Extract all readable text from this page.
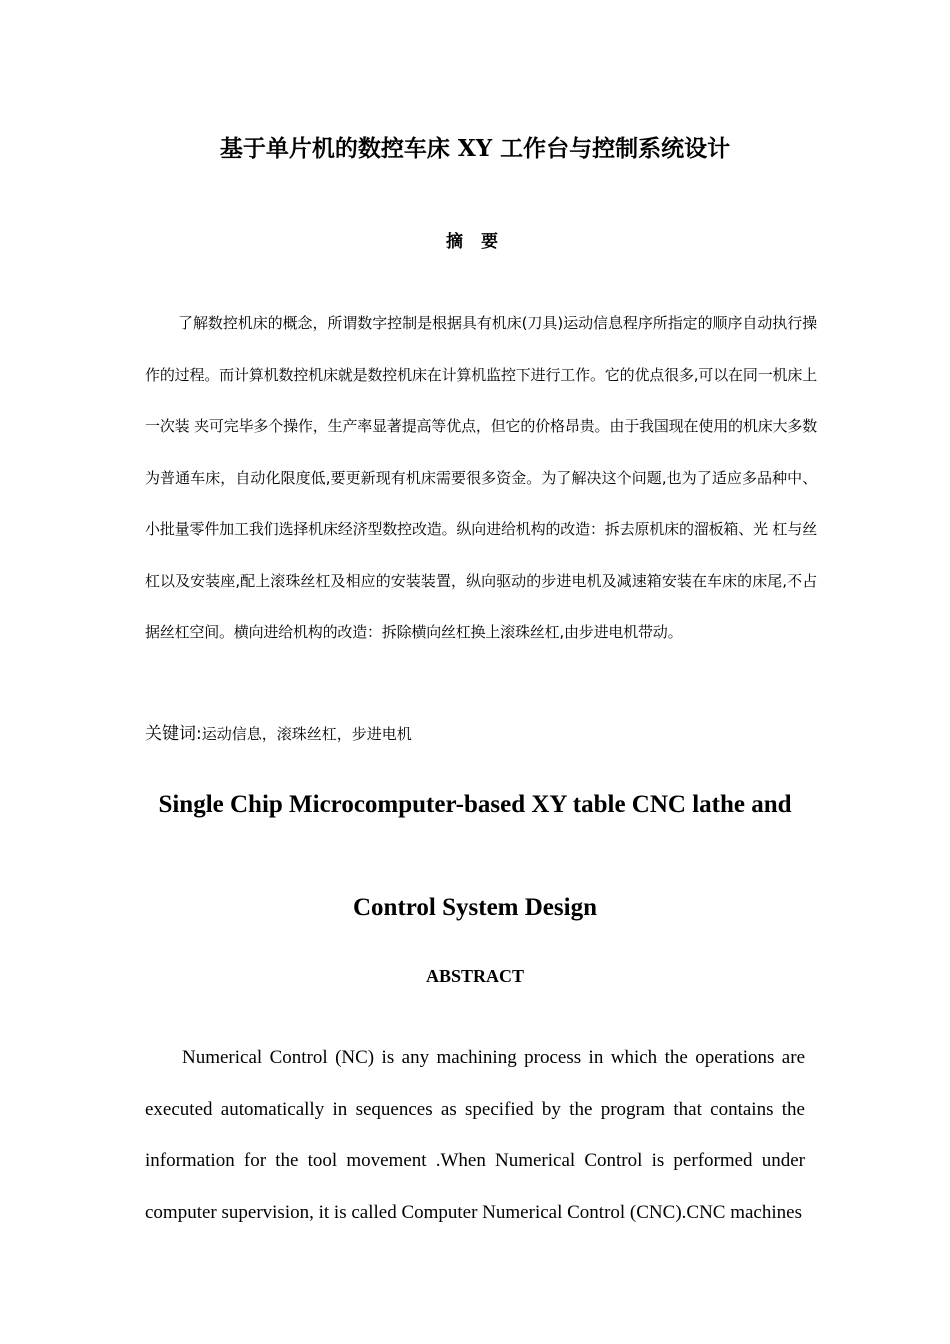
基于单片机的数控车床 XY 工作台与控制系统设计
摘 要

了解数控机床的概念，所谓数字控制是根据具有机床(刀具)运动信息程序所指定的顺序自动执行操作的过程。而计算机数控机床就是数控机床在计算机监控下进行工作。它的优点很多,可以在同一机床上一次装 夹可完毕多个操作，生产率显著提高等优点，但它的价格昂贵。由于我国现在使用的机床大多数为普通车床，自动化限度低,要更新现有机床需要很多资金。为了解决这个问题,也为了适应多品种中、小批量零件加工我们选择机床经济型数控改造。纵向进给机构的改造：拆去原机床的溜板箱、光 杠与丝杠以及安装座,配上滚珠丝杠及相应的安装装置，纵向驱动的步进电机及减速箱安装在车床的床尾,不占据丝杠空间。横向进给机构的改造：拆除横向丝杠换上滚珠丝杠,由步进电机带动。

关键词:运动信息，滚珠丝杠，步进电机
Single Chip Microcomputer-based XY table CNC lathe and
Control System Design
ABSTRACT

Numerical Control (NC) is any machining process in which the operations are executed automatically in sequences as specified by the program that contains the information for the tool movement .When Numerical Control is performed under computer supervision, it is called Computer Numerical Control (CNC).CNC machines
